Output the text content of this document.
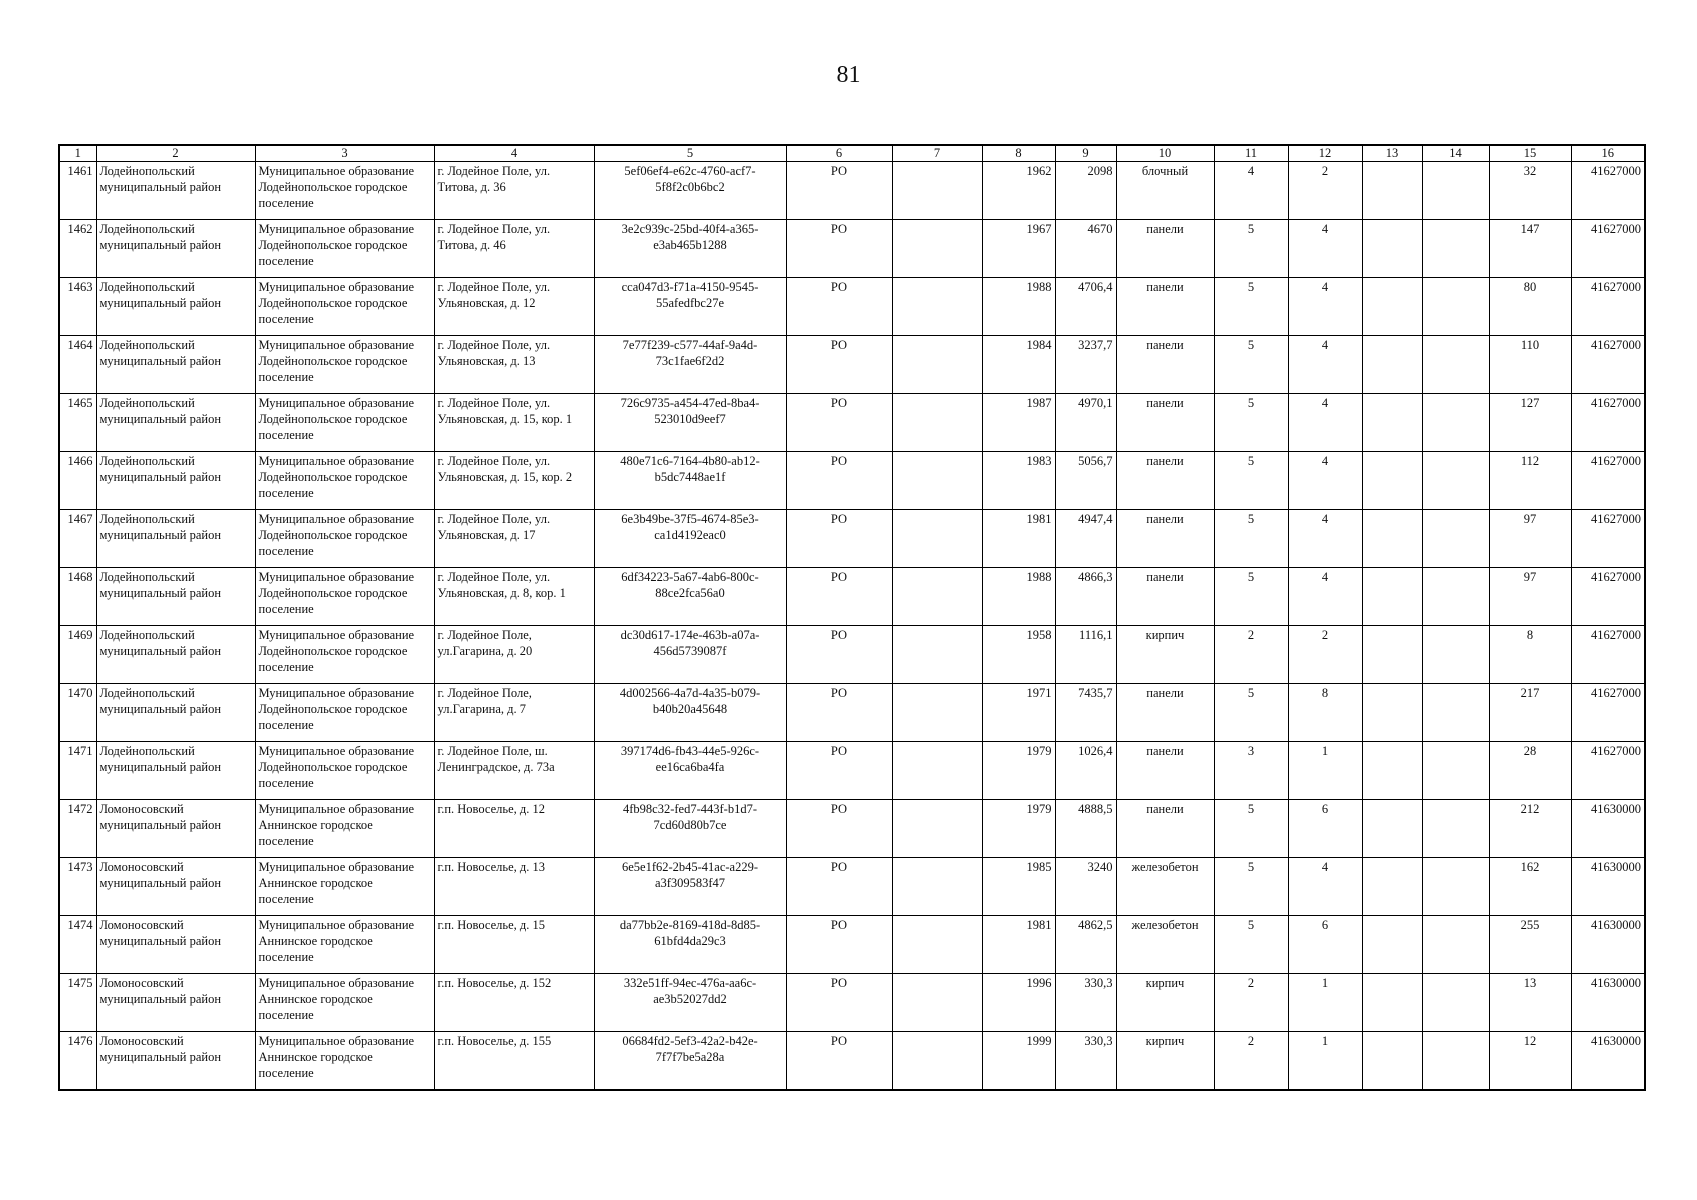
81
1	2	3	4	5	6	7	8	9	10	11	12	13	14	15	16
1461	Лодейнопольский муниципальный район	Муниципальное образование Лодейнопольское городское поселение	г. Лодейное Поле, ул. Титова, д. 36	5ef06ef4-e62c-4760-acf7-5f8f2c0b6bc2	РО		1962	2098	блочный	4	2			32	41627000
1462	Лодейнопольский муниципальный район	Муниципальное образование Лодейнопольское городское поселение	г. Лодейное Поле, ул. Титова, д. 46	3e2c939c-25bd-40f4-a365-e3ab465b1288	РО		1967	4670	панели	5	4			147	41627000
1463	Лодейнопольский муниципальный район	Муниципальное образование Лодейнопольское городское поселение	г. Лодейное Поле, ул. Ульяновская, д. 12	cca047d3-f71a-4150-9545-55afedfbc27e	РО		1988	4706,4	панели	5	4			80	41627000
1464	Лодейнопольский муниципальный район	Муниципальное образование Лодейнопольское городское поселение	г. Лодейное Поле, ул. Ульяновская, д. 13	7e77f239-c577-44af-9a4d-73c1fae6f2d2	РО		1984	3237,7	панели	5	4			110	41627000
1465	Лодейнопольский муниципальный район	Муниципальное образование Лодейнопольское городское поселение	г. Лодейное Поле, ул. Ульяновская, д. 15, кор. 1	726c9735-a454-47ed-8ba4-523010d9eef7	РО		1987	4970,1	панели	5	4			127	41627000
1466	Лодейнопольский муниципальный район	Муниципальное образование Лодейнопольское городское поселение	г. Лодейное Поле, ул. Ульяновская, д. 15, кор. 2	480e71c6-7164-4b80-ab12-b5dc7448ae1f	РО		1983	5056,7	панели	5	4			112	41627000
1467	Лодейнопольский муниципальный район	Муниципальное образование Лодейнопольское городское поселение	г. Лодейное Поле, ул. Ульяновская, д. 17	6e3b49be-37f5-4674-85e3-ca1d4192eac0	РО		1981	4947,4	панели	5	4			97	41627000
1468	Лодейнопольский муниципальный район	Муниципальное образование Лодейнопольское городское поселение	г. Лодейное Поле, ул. Ульяновская, д. 8, кор. 1	6df34223-5a67-4ab6-800c-88ce2fca56a0	РО		1988	4866,3	панели	5	4			97	41627000
1469	Лодейнопольский муниципальный район	Муниципальное образование Лодейнопольское городское поселение	г. Лодейное Поле, ул.Гагарина, д. 20	dc30d617-174e-463b-a07a-456d5739087f	РО		1958	1116,1	кирпич	2	2			8	41627000
1470	Лодейнопольский муниципальный район	Муниципальное образование Лодейнопольское городское поселение	г. Лодейное Поле, ул.Гагарина, д. 7	4d002566-4a7d-4a35-b079-b40b20a45648	РО		1971	7435,7	панели	5	8			217	41627000
1471	Лодейнопольский муниципальный район	Муниципальное образование Лодейнопольское городское поселение	г. Лодейное Поле, ш. Ленинградское, д. 73а	397174d6-fb43-44e5-926c-ee16ca6ba4fa	РО		1979	1026,4	панели	3	1			28	41627000
1472	Ломоносовский муниципальный район	Муниципальное образование Аннинское городское поселение	г.п. Новоселье, д. 12	4fb98c32-fed7-443f-b1d7-7cd60d80b7ce	РО		1979	4888,5	панели	5	6			212	41630000
1473	Ломоносовский муниципальный район	Муниципальное образование Аннинское городское поселение	г.п. Новоселье, д. 13	6e5e1f62-2b45-41ac-a229-a3f309583f47	РО		1985	3240	железобетон	5	4			162	41630000
1474	Ломоносовский муниципальный район	Муниципальное образование Аннинское городское поселение	г.п. Новоселье, д. 15	da77bb2e-8169-418d-8d85-61bfd4da29c3	РО		1981	4862,5	железобетон	5	6			255	41630000
1475	Ломоносовский муниципальный район	Муниципальное образование Аннинское городское поселение	г.п. Новоселье, д. 152	332e51ff-94ec-476a-aa6c-ae3b52027dd2	РО		1996	330,3	кирпич	2	1			13	41630000
1476	Ломоносовский муниципальный район	Муниципальное образование Аннинское городское поселение	г.п. Новоселье, д. 155	06684fd2-5ef3-42a2-b42e-7f7f7be5a28a	РО		1999	330,3	кирпич	2	1			12	41630000
